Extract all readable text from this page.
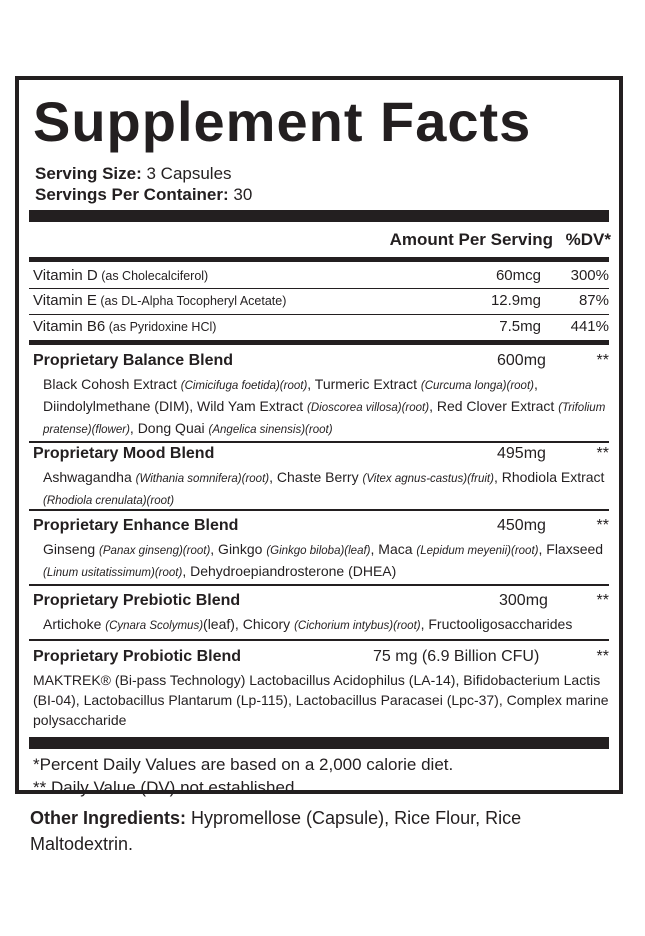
Supplement Facts
Serving Size: 3 Capsules
Servings Per Container: 30
Amount Per Serving %DV*
Vitamin D (as Cholecalciferol)	60mcg 300%
Vitamin E (as DL-Alpha Tocopheryl Acetate)	12.9mg	87%
Vitamin B6 (as Pyridoxine HCl)	7.5mg 441%
Proprietary Balance Blend	600mg	**
Black Cohosh Extract (Cimicifuga foetida)(root), Turmeric Extract (Curcuma longa)(root), Diindolylmethane (DIM), Wild Yam Extract (Dioscorea villosa)(root), Red Clover Extract (Trifolium pratense)(flower), Dong Quai (Angelica sinensis)(root)
Proprietary Mood Blend	495mg	**
Ashwagandha (Withania somnifera)(root), Chaste Berry (Vitex agnus-castus)(fruit), Rhodiola Extract (Rhodiola crenulata)(root)
Proprietary Enhance Blend	450mg	**
Ginseng (Panax ginseng)(root), Ginkgo (Ginkgo biloba)(leaf), Maca (Lepidum meyenii)(root), Flaxseed (Linum usitatissimum)(root), Dehydroepiandrosterone (DHEA)
Proprietary Prebiotic Blend	300mg	**
Artichoke (Cynara Scolymus)(leaf), Chicory (Cichorium intybus)(root), Fructooligosaccharides
Proprietary Probiotic Blend	75 mg (6.9 Billion CFU)	**
MAKTREK® (Bi-pass Technology) Lactobacillus Acidophilus (LA-14), Bifidobacterium Lactis (BI-04), Lactobacillus Plantarum (Lp-115), Lactobacillus Paracasei (Lpc-37), Complex marine polysaccharide
*Percent Daily Values are based on a 2,000 calorie diet.
** Daily Value (DV) not established.
Other Ingredients: Hypromellose (Capsule), Rice Flour, Rice Maltodextrin.
